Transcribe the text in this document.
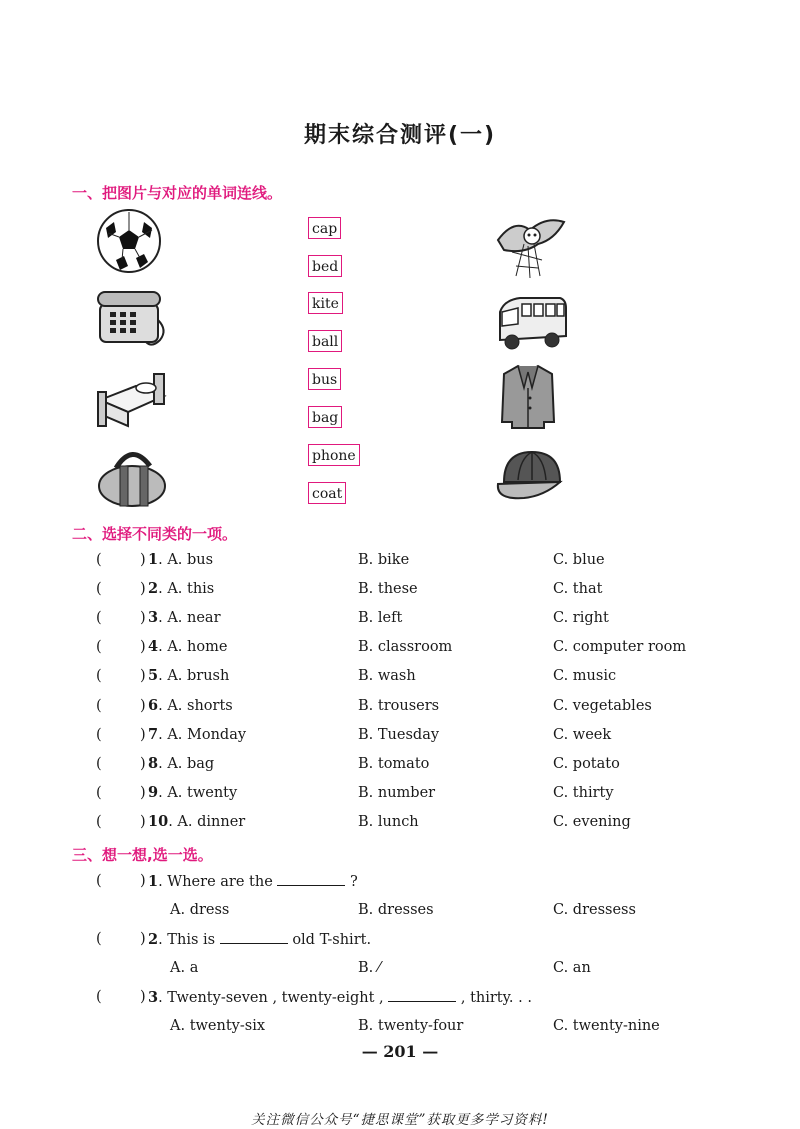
期末综合测评(一)
一、把图片与对应的单词连线。
cap
bed
kite
ball
bus
bag
phone
coat
二、选择不同类的一项。
(	) 1. A. bus	B. bike	C. blue
(	) 2. A. this	B. these	C. that
(	) 3. A. near	B. left	C. right
(	) 4. A. home	B. classroom	C. computer room
(	) 5. A. brush	B. wash	C. music
(	) 6. A. shorts	B. trousers	C. vegetables
(	) 7. A. Monday	B. Tuesday	C. week
(	) 8. A. bag	B. tomato	C. potato
(	) 9. A. twenty	B. number	C. thirty
(	) 10. A. dinner	B. lunch	C. evening
三、想一想,选一选。
(	) 1. Where are the	?
A. dress	B. dresses	C. dressess
(	) 2. This is	old T-shirt.
A. a	B. ⁄	C. an
(	) 3. Twenty-seven , twenty-eight ,	, thirty. . .
A. twenty-six	B. twenty-four	C. twenty-nine
— 201 —
关注微信公众号“捷思课堂”获取更多学习资料!
